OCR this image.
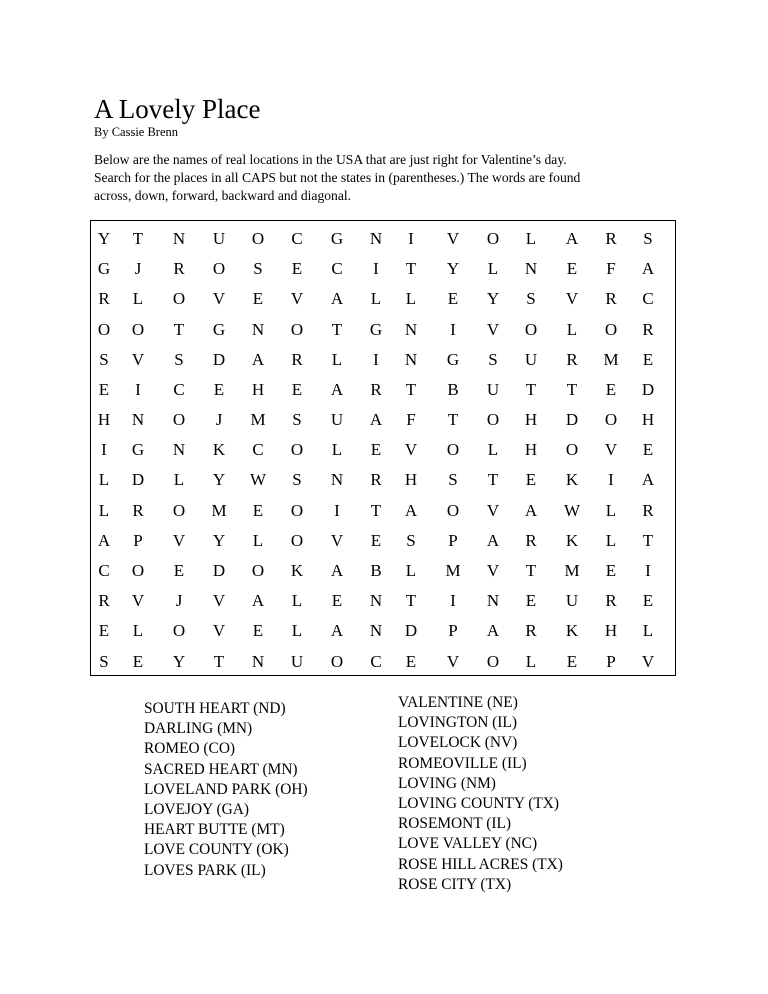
A Lovely Place
By Cassie Brenn
Below are the names of real locations in the USA that are just right for Valentine’s day.
Search for the places in all CAPS but not the states in (parentheses.) The words are found
across, down, forward, backward and diagonal.
Y	T	N	U	O	C	G	N	I	V	O	L	A	R	S
G	J	R	O	S	E	C	I	T	Y	L	N	E	F	A
R	L	O	V	E	V	A	L	L	E	Y	S	V	R	C
O	O	T	G	N	O	T	G	N	I	V	O	L	O	R
S	V	S	D	A	R	L	I	N	G	S	U	R	M	E
E	I	C	E	H	E	A	R	T	B	U	T	T	E	D
H	N	O	J	M	S	U	A	F	T	O	H	D	O	H
I	G	N	K	C	O	L	E	V	O	L	H	O	V	E
L	D	L	Y	W	S	N	R	H	S	T	E	K	I	A
L	R	O	M	E	O	I	T	A	O	V	A	W	L	R
A	P	V	Y	L	O	V	E	S	P	A	R	K	L	T
C	O	E	D	O	K	A	B	L	M	V	T	M	E	I
R	V	J	V	A	L	E	N	T	I	N	E	U	R	E
E	L	O	V	E	L	A	N	D	P	A	R	K	H	L
S	E	Y	T	N	U	O	C	E	V	O	L	E	P	V
SOUTH HEART (ND)
DARLING (MN)
ROMEO (CO)
SACRED HEART (MN)
LOVELAND PARK (OH)
LOVEJOY (GA)
HEART BUTTE (MT)
LOVE COUNTY (OK)
LOVES PARK (IL)
VALENTINE (NE)
LOVINGTON (IL)
LOVELOCK (NV)
ROMEOVILLE (IL)
LOVING (NM)
LOVING COUNTY (TX)
ROSEMONT (IL)
LOVE VALLEY (NC)
ROSE HILL ACRES (TX)
ROSE CITY (TX)
